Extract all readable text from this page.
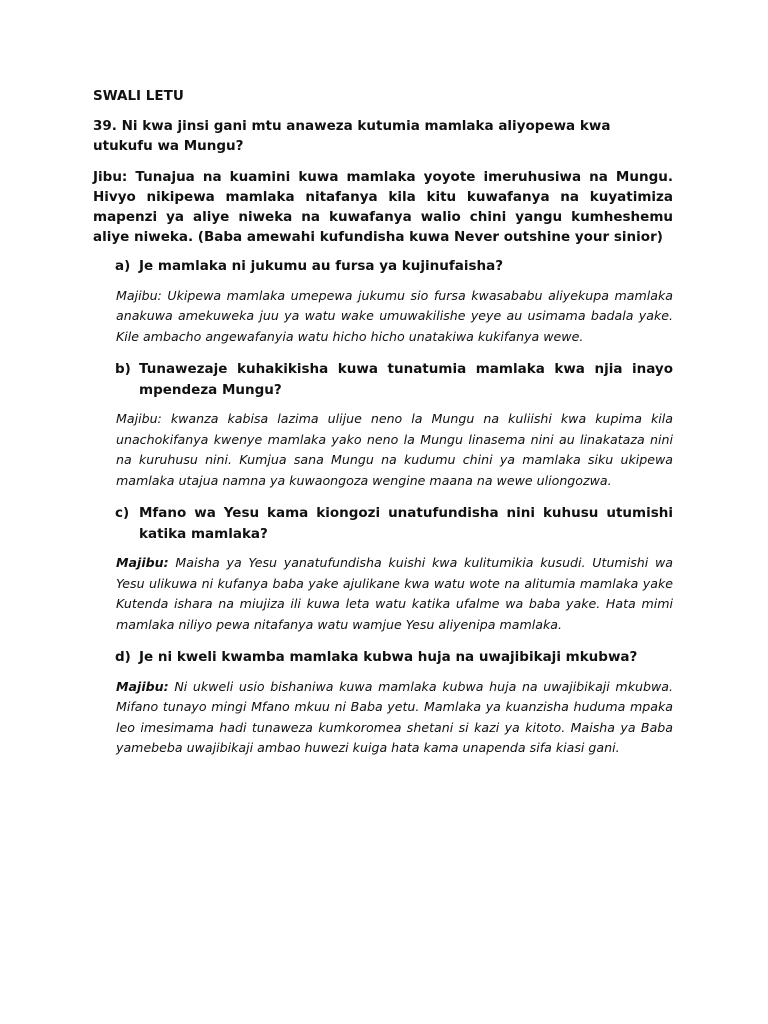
SWALI LETU
39. Ni kwa jinsi gani mtu anaweza kutumia mamlaka aliyopewa kwa utukufu wa Mungu?
Jibu: Tunajua na kuamini kuwa mamlaka yoyote imeruhusiwa na Mungu. Hivyo nikipewa mamlaka nitafanya kila kitu kuwafanya na kuyatimiza mapenzi ya aliye niweka na kuwafanya walio chini yangu kumheshemu aliye niweka. (Baba amewahi kufundisha kuwa Never outshine your sinior)
a) Je mamlaka ni jukumu au fursa ya kujinufaisha?
Majibu: Ukipewa mamlaka umepewa jukumu sio fursa kwasababu aliyekupa mamlaka anakuwa amekuweka juu ya watu wake umuwakilishe yeye au usimama badala yake. Kile ambacho angewafanyia watu hicho hicho unatakiwa kukifanya wewe.
b) Tunawezaje kuhakikisha kuwa tunatumia mamlaka kwa njia inayo mpendeza Mungu?
Majibu: kwanza kabisa lazima ulijue neno la Mungu na kuliishi kwa kupima kila unachokifanya kwenye mamlaka yako neno la Mungu linasema nini au linakataza nini na kuruhusu nini. Kumjua sana Mungu na kudumu chini ya mamlaka siku ukipewa mamlaka utajua namna ya kuwaongoza wengine maana na wewe uliongozwa.
c) Mfano wa Yesu kama kiongozi unatufundisha nini kuhusu utumishi katika mamlaka?
Majibu: Maisha ya Yesu yanatufundisha kuishi kwa kulitumikia kusudi. Utumishi wa Yesu ulikuwa ni kufanya baba yake ajulikane kwa watu wote na alitumia mamlaka yake Kutenda ishara na miujiza ili kuwa leta watu katika ufalme wa baba yake. Hata mimi mamlaka niliyo pewa nitafanya watu wamjue Yesu aliyenipa mamlaka.
d) Je ni kweli kwamba mamlaka kubwa huja na uwajibikaji mkubwa?
Majibu: Ni ukweli usio bishaniwa kuwa mamlaka kubwa huja na uwajibikaji mkubwa. Mifano tunayo mingi Mfano mkuu ni Baba yetu. Mamlaka ya kuanzisha huduma mpaka leo imesimama hadi tunaweza kumkoromea shetani si kazi ya kitoto. Maisha ya Baba yamebeba uwajibikaji ambao huwezi kuiga hata kama unapenda sifa kiasi gani.
